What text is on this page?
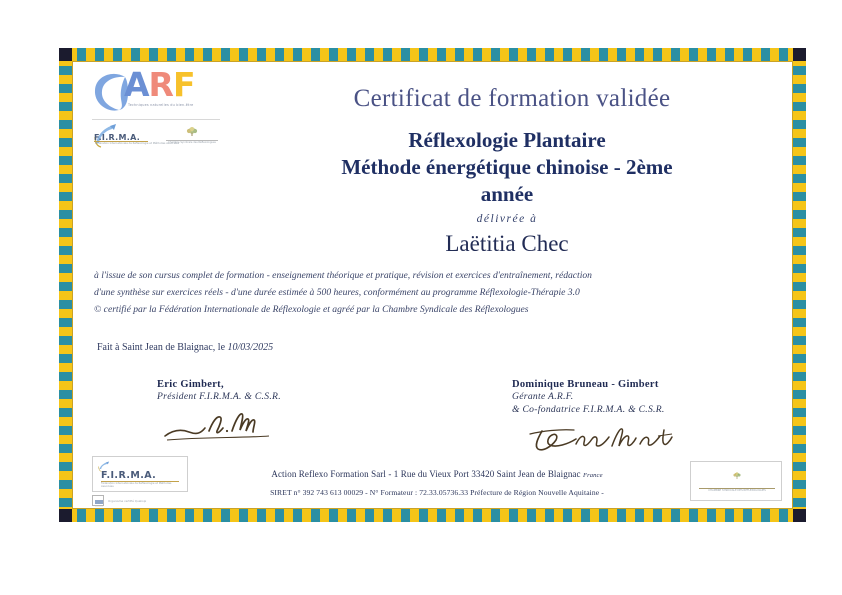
ARF
Techniques naturelles du bien-être
F.I.R.M.A.
Fédération Internationale de Réflexologie et Méthodes Associées
Chambre Syndicale des Réflexologues
Certificat de formation validée
Réflexologie Plantaire
Méthode énergétique chinoise - 2ème
année
délivrée à
Laëtitia Chec
à l'issue de son cursus complet de formation - enseignement théorique et pratique, révision et exercices d'entraînement, rédaction
d'une synthèse sur exercices réels - d'une durée estimée à 500 heures, conformément au programme Réflexologie-Thérapie 3.0
© certifié par la Fédération Internationale de Réflexologie et agréé par la Chambre Syndicale des Réflexologues
Fait à Saint Jean de Blaignac, le 10/03/2025
Eric Gimbert,
Président F.I.R.M.A. & C.S.R.
Dominique Bruneau - Gimbert
Gérante A.R.F.
& Co-fondatrice F.I.R.M.A. & C.S.R.
F.I.R.M.A.
Fédération Internationale de Réflexologie et Méthodes Associées
Organisme certifié Qualiopi
Action Reflexo Formation Sarl - 1 Rue du Vieux Port 33420 Saint Jean de Blaignac France
SIRET n° 392 743 613 00029 - N° Formateur : 72.33.05736.33 Préfecture de Région Nouvelle Aquitaine -	CHAMBRE SYNDICALE DES RÉFLEXOLOGUES
